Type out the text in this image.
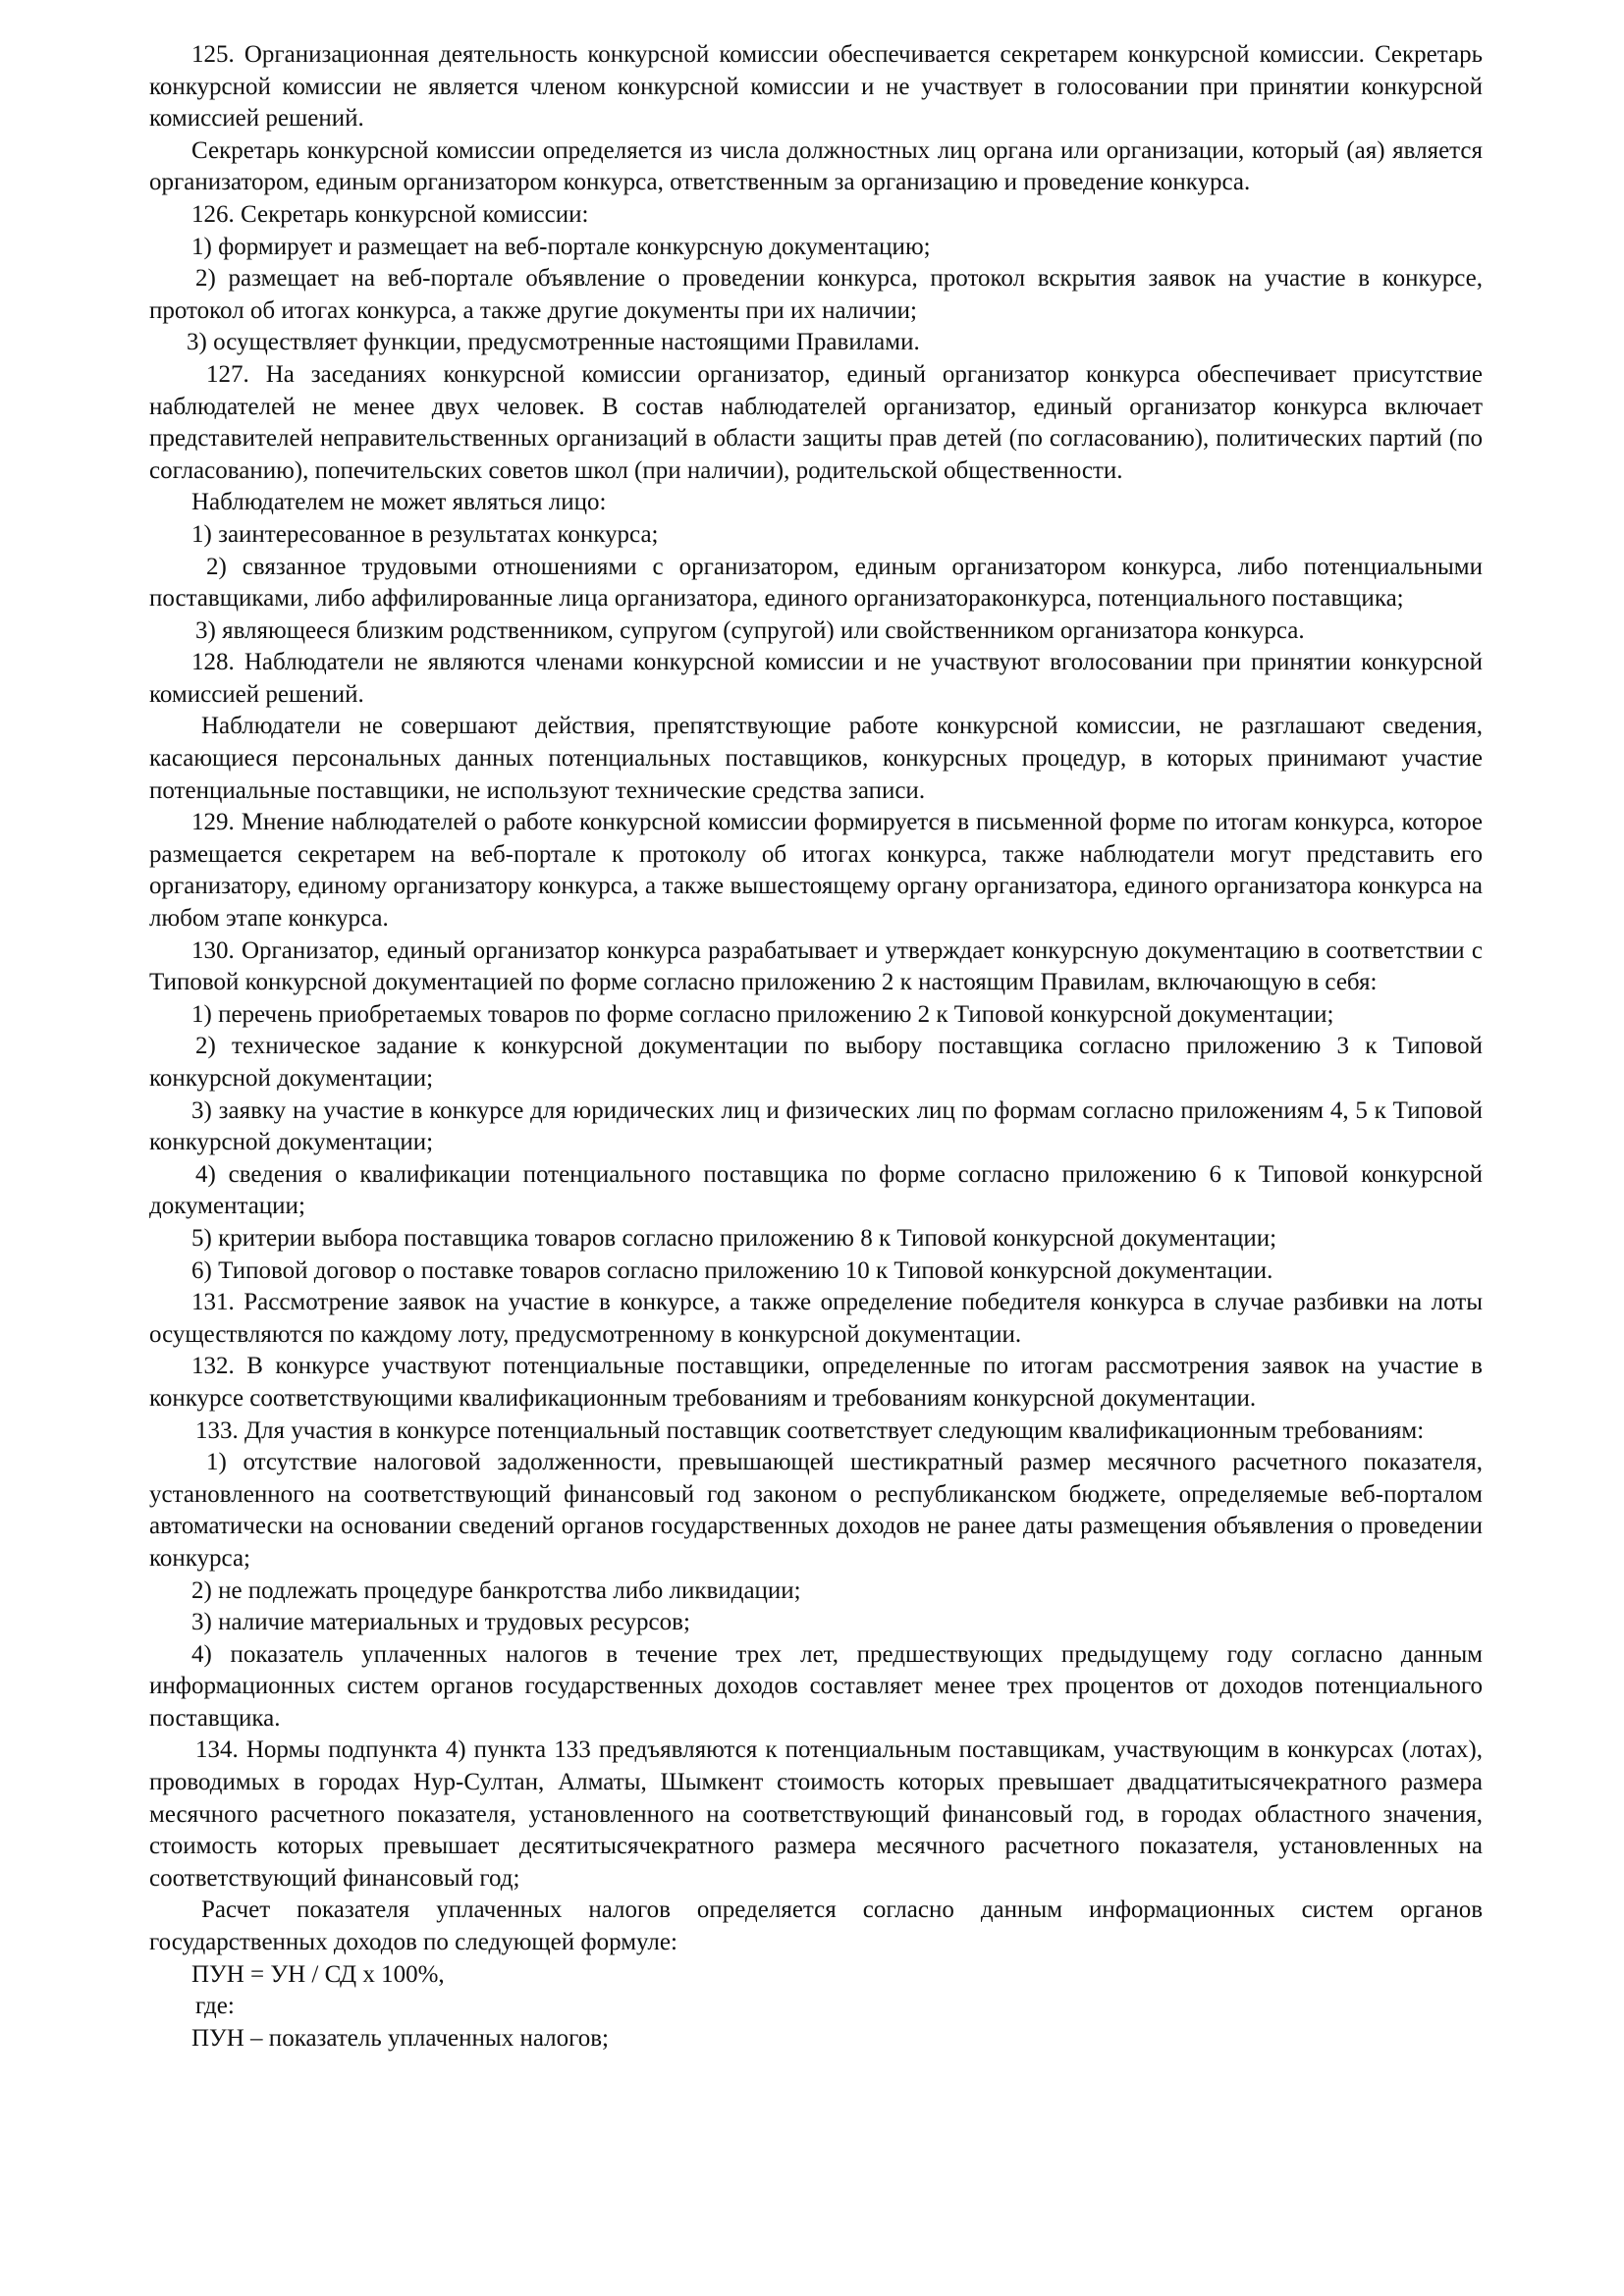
125. Организационная деятельность конкурсной комиссии обеспечивается секретарем конкурсной комиссии. Секретарь конкурсной комиссии не является членом конкурсной комиссии и не участвует в голосовании при принятии конкурсной комиссией решений.

Секретарь конкурсной комиссии определяется из числа должностных лиц органа или организации, который (ая) является организатором, единым организатором конкурса, ответственным за организацию и проведение конкурса.

126. Секретарь конкурсной комиссии:

1) формирует и размещает на веб-портале конкурсную документацию;

2) размещает на веб-портале объявление о проведении конкурса, протокол вскрытия заявок на участие в конкурсе, протокол об итогах конкурса, а также другие документы при их наличии;

3) осуществляет функции, предусмотренные настоящими Правилами.

127. На заседаниях конкурсной комиссии организатор, единый организатор конкурса обеспечивает присутствие наблюдателей не менее двух человек. В состав наблюдателей организатор, единый организатор конкурса включает представителей неправительственных организаций в области защиты прав детей (по согласованию), политических партий (по согласованию), попечительских советов школ (при наличии), родительской общественности.

Наблюдателем не может являться лицо:

1) заинтересованное в результатах конкурса;

2) связанное трудовыми отношениями с организатором, единым организатором конкурса, либо потенциальными поставщиками, либо аффилированные лица организатора, единого организатораконкурса, потенциального поставщика;

3) являющееся близким родственником, супругом (супругой) или свойственником организатора конкурса.

128. Наблюдатели не являются членами конкурсной комиссии и не участвуют вголосовании при принятии конкурсной комиссией решений.

Наблюдатели не совершают действия, препятствующие работе конкурсной комиссии, не разглашают сведения, касающиеся персональных данных потенциальных поставщиков, конкурсных процедур, в которых принимают участие потенциальные поставщики, не используют технические средства записи.

129. Мнение наблюдателей о работе конкурсной комиссии формируется в письменной форме по итогам конкурса, которое размещается секретарем на веб-портале к протоколу об итогах конкурса, также наблюдатели могут представить его организатору, единому организатору конкурса, а также вышестоящему органу организатора, единого организатора конкурса на любом этапе конкурса.

130. Организатор, единый организатор конкурса разрабатывает и утверждает конкурсную документацию в соответствии с Типовой конкурсной документацией по форме согласно приложению 2 к настоящим Правилам, включающую в себя:

1) перечень приобретаемых товаров по форме согласно приложению 2 к Типовой конкурсной документации;

2) техническое задание к конкурсной документации по выбору поставщика согласно приложению 3 к Типовой конкурсной документации;

3) заявку на участие в конкурсе для юридических лиц и физических лиц по формам согласно приложениям 4, 5 к Типовой конкурсной документации;

4) сведения о квалификации потенциального поставщика по форме согласно приложению 6 к Типовой конкурсной документации;

5) критерии выбора поставщика товаров согласно приложению 8 к Типовой конкурсной документации;

6) Типовой договор о поставке товаров согласно приложению 10 к Типовой конкурсной документации.

131. Рассмотрение заявок на участие в конкурсе, а также определение победителя конкурса в случае разбивки на лоты осуществляются по каждому лоту, предусмотренному в конкурсной документации.

132. В конкурсе участвуют потенциальные поставщики, определенные по итогам рассмотрения заявок на участие в конкурсе соответствующими квалификационным требованиям и требованиям конкурсной документации.

133. Для участия в конкурсе потенциальный поставщик соответствует следующим квалификационным требованиям:

1) отсутствие налоговой задолженности, превышающей шестикратный размер месячного расчетного показателя, установленного на соответствующий финансовый год законом о республиканском бюджете, определяемые веб-порталом автоматически на основании сведений органов государственных доходов не ранее даты размещения объявления о проведении конкурса;

2) не подлежать процедуре банкротства либо ликвидации;

3) наличие материальных и трудовых ресурсов;

4) показатель уплаченных налогов в течение трех лет, предшествующих предыдущему году согласно данным информационных систем органов государственных доходов составляет менее трех процентов от доходов потенциального поставщика.

134. Нормы подпункта 4) пункта 133 предъявляются к потенциальным поставщикам, участвующим в конкурсах (лотах), проводимых в городах Нур-Султан, Алматы, Шымкент стоимость которых превышает двадцатитысячекратного размера месячного расчетного показателя, установленного на соответствующий финансовый год, в городах областного значения, стоимость которых превышает десятитысячекратного размера месячного расчетного показателя, установленных на соответствующий финансовый год;

Расчет показателя уплаченных налогов определяется согласно данным информационных систем органов государственных доходов по следующей формуле:

ПУН = УН / СД х 100%,

где:

ПУН – показатель уплаченных налогов;
